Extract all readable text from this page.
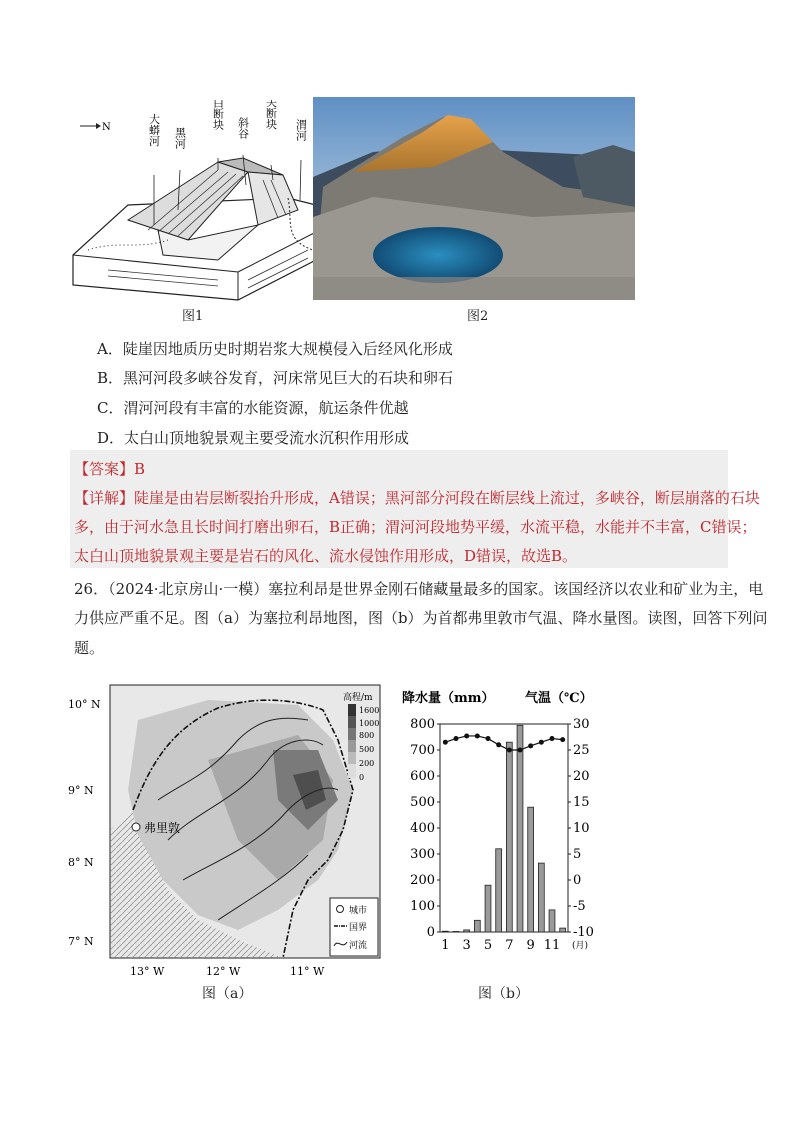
N	大蟒河 黑河
太白断块 斜谷 大散关断块
渭河
图1	图2
A．陡崖因地质历史时期岩浆大规模侵入后经风化形成
B．黑河河段多峡谷发育，河床常见巨大的石块和卵石
C．渭河河段有丰富的水能资源，航运条件优越
D．太白山顶地貌景观主要受流水沉积作用形成
【答案】B
【详解】陡崖是由岩层断裂抬升形成，A错误；黑河部分河段在断层线上流过，多峡谷，断层崩落的石块
多，由于河水急且长时间打磨出卵石，B正确；渭河河段地势平缓，水流平稳，水能并不丰富，C错误；
太白山顶地貌景观主要是岩石的风化、流水侵蚀作用形成，D错误，故选B。
26．（2024·北京房山·一模）塞拉利昂是世界金刚石储藏量最多的国家。该国经济以农业和矿业为主，电
力供应严重不足。图（a）为塞拉利昂地图，图（b）为首都弗里敦市气温、降水量图。读图，回答下列问
题。
弗里敦
高程/m
1600
1000
800
500
200
0
城市
国界
河流
10° N
9° N
8° N
7° N
13° W	12° W	11° W
图（a）
降水量（mm） 气温（℃）
0
100
200
300
400
500
600
700
800
-10
-5
0
5
10
15
20
25
30
1 3 5 7 9 11 (月)
图（b）
